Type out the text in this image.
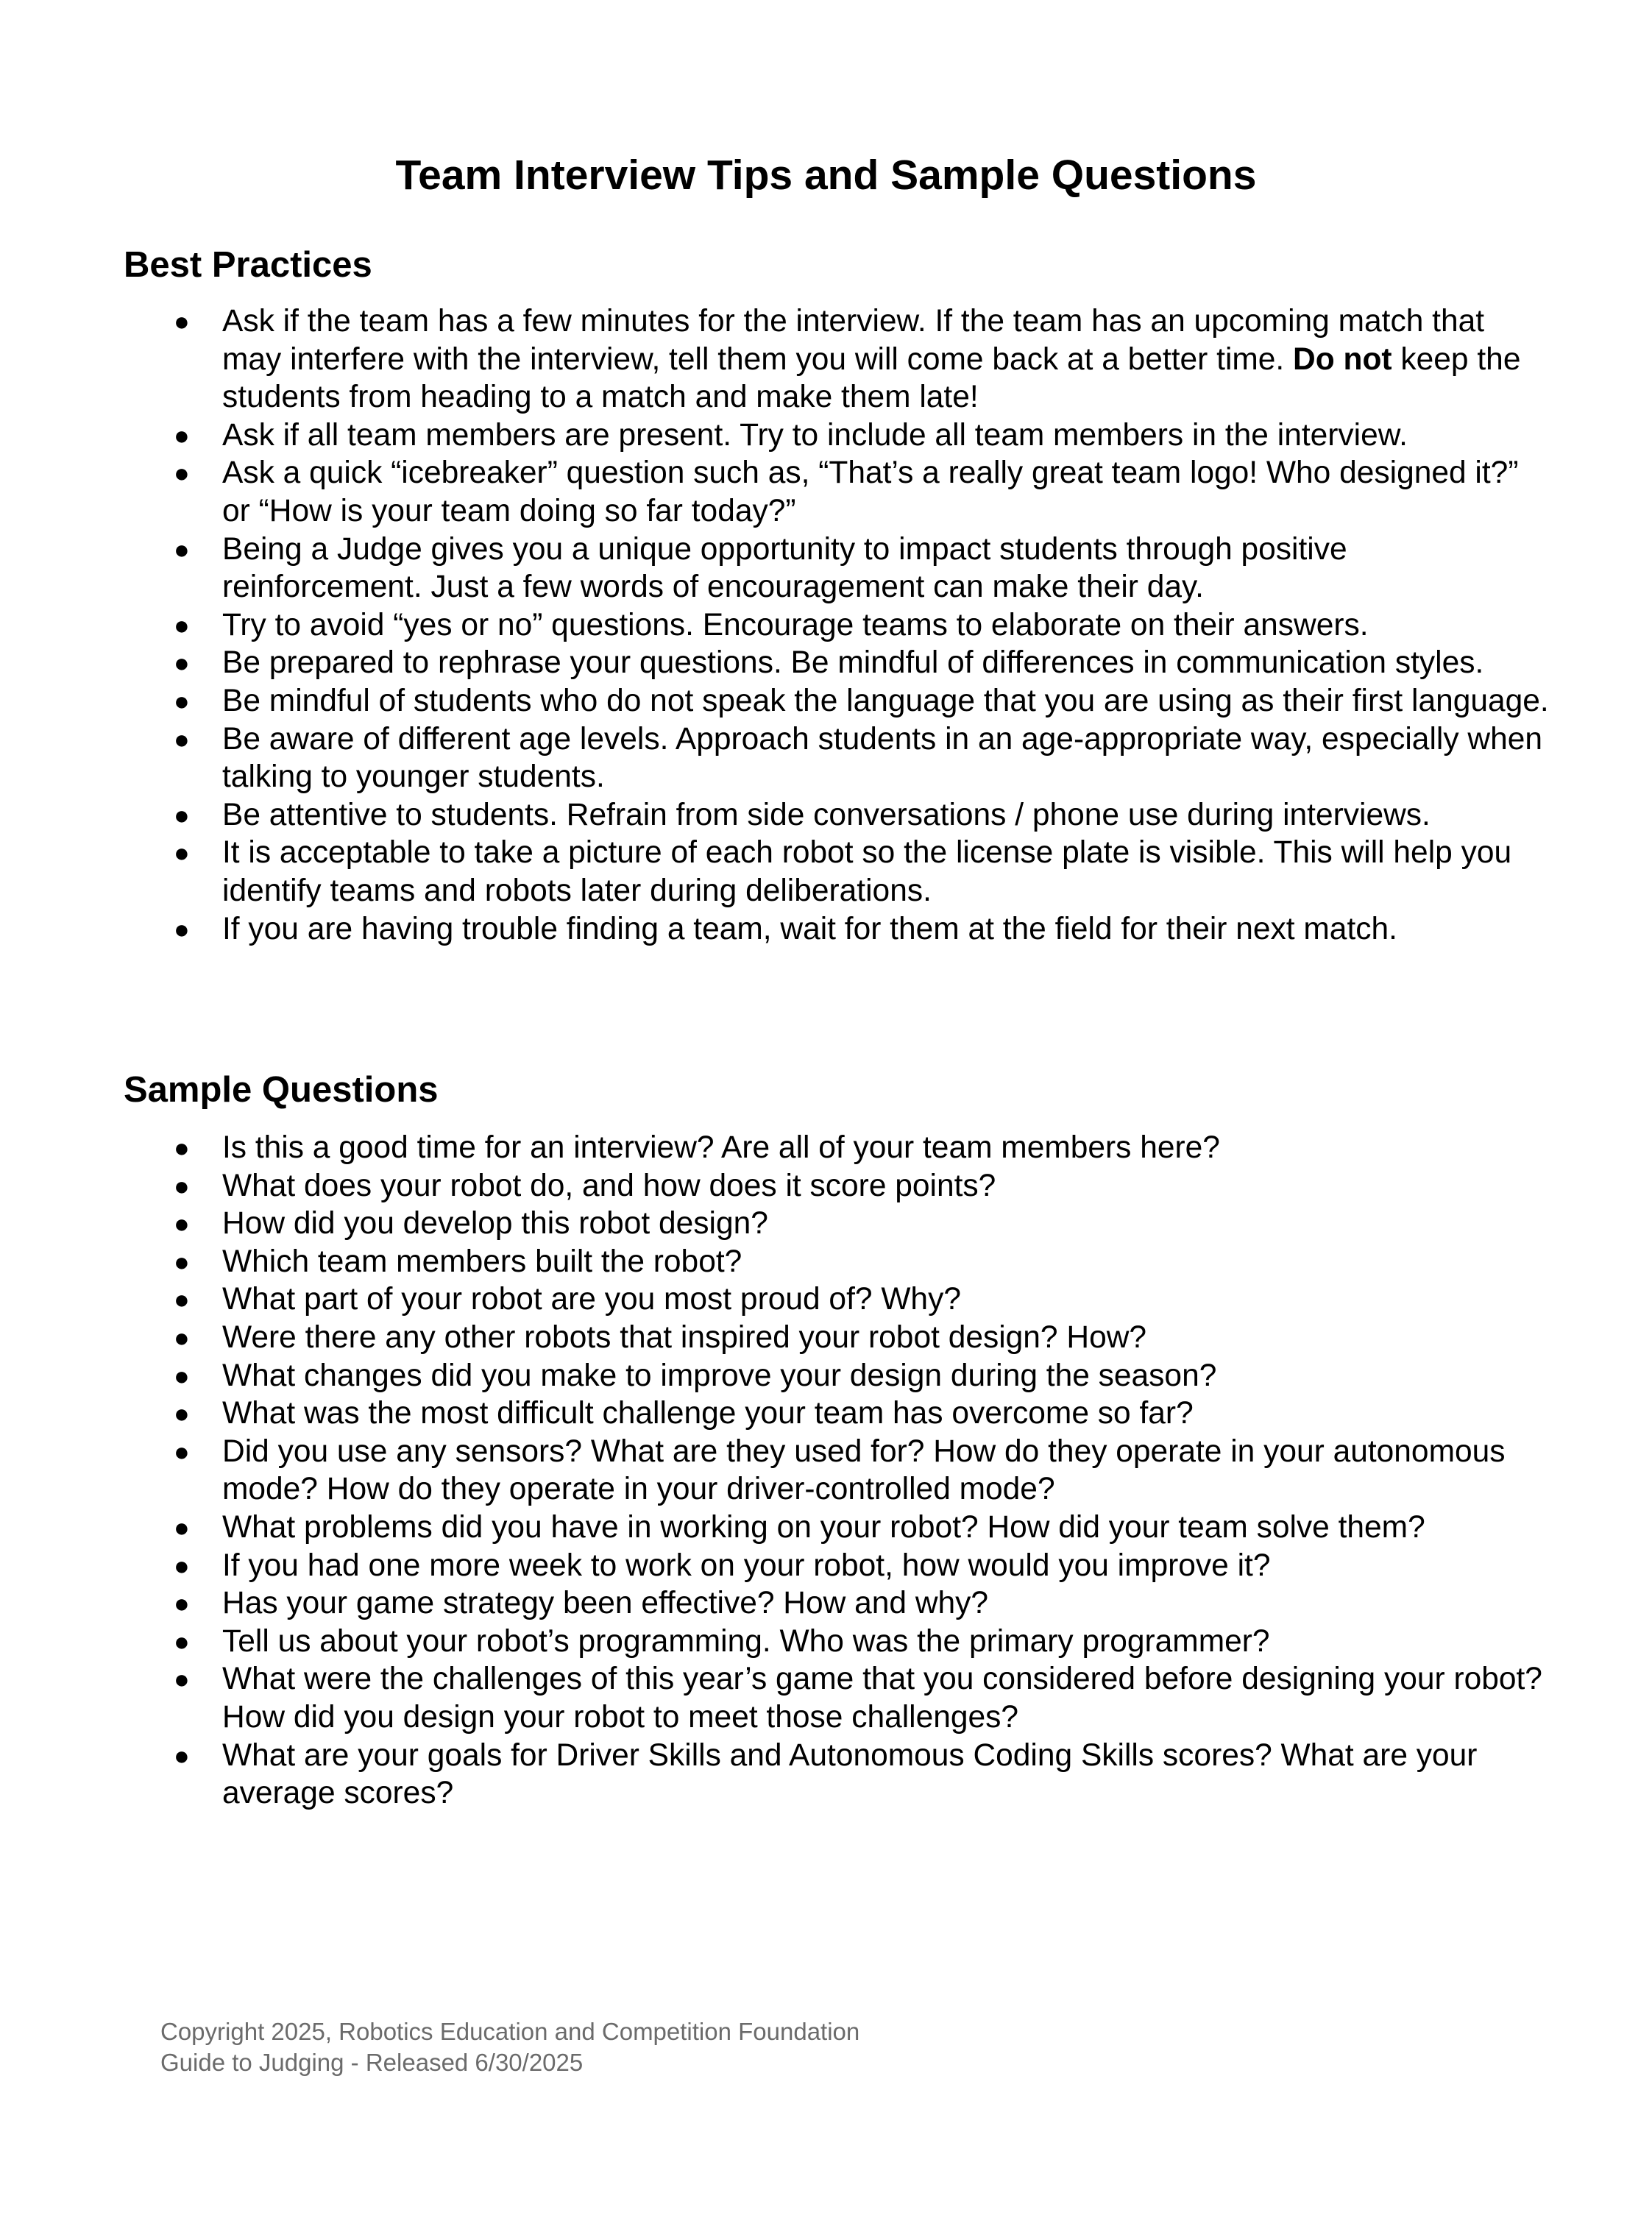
Team Interview Tips and Sample Questions
Best Practices
● Ask if the team has a few minutes for the interview. If the team has an upcoming match that may interfere with the interview, tell them you will come back at a better time. Do not keep the students from heading to a match and make them late!
● Ask if all team members are present. Try to include all team members in the interview.
● Ask a quick “icebreaker” question such as, “That’s a really great team logo! Who designed it?” or “How is your team doing so far today?”
● Being a Judge gives you a unique opportunity to impact students through positive reinforcement. Just a few words of encouragement can make their day.
● Try to avoid “yes or no” questions. Encourage teams to elaborate on their answers.
● Be prepared to rephrase your questions. Be mindful of differences in communication styles.
● Be mindful of students who do not speak the language that you are using as their first language.
● Be aware of different age levels. Approach students in an age-appropriate way, especially when talking to younger students.
● Be attentive to students. Refrain from side conversations / phone use during interviews.
● It is acceptable to take a picture of each robot so the license plate is visible. This will help you identify teams and robots later during deliberations.
● If you are having trouble finding a team, wait for them at the field for their next match.
Sample Questions
● Is this a good time for an interview? Are all of your team members here?
● What does your robot do, and how does it score points?
● How did you develop this robot design?
● Which team members built the robot?
● What part of your robot are you most proud of? Why?
● Were there any other robots that inspired your robot design? How?
● What changes did you make to improve your design during the season?
● What was the most difficult challenge your team has overcome so far?
● Did you use any sensors? What are they used for? How do they operate in your autonomous mode? How do they operate in your driver-controlled mode?
● What problems did you have in working on your robot? How did your team solve them?
● If you had one more week to work on your robot, how would you improve it?
● Has your game strategy been effective? How and why?
● Tell us about your robot’s programming. Who was the primary programmer?
● What were the challenges of this year’s game that you considered before designing your robot? How did you design your robot to meet those challenges?
● What are your goals for Driver Skills and Autonomous Coding Skills scores? What are your average scores?
Copyright 2025, Robotics Education and Competition Foundation
Guide to Judging - Released 6/30/2025
